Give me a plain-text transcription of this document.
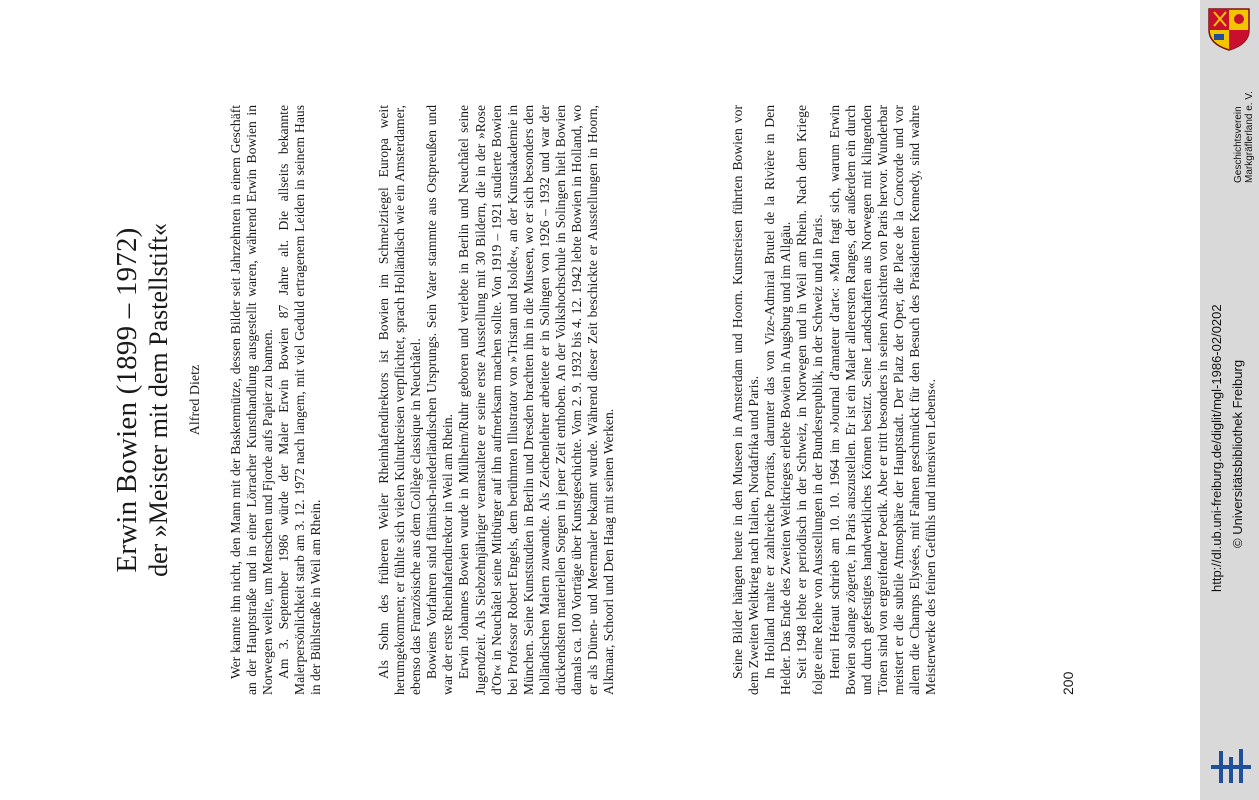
Erwin Bowien (1899 – 1972) der »Meister mit dem Pastellstift« Alfred Dietz Wer kannte ihn nicht, den Mann mit der Baskenmütze, dessen Bilder seit Jahrzehnten in einem Geschäft an der Hauptstraße und in einer Lörracher Kunsthandlung ausgestellt waren, während Erwin Bowien in Norwegen weilte, um Menschen und Fjorde aufs Papier zu bannen. Am 3. September 1986 würde der Maler Erwin Bowien 87 Jahre alt. Die allseits bekannte Malerpersönlichkeit starb am 3. 12. 1972 nach langem, mit viel Geduld ertragenem Leiden in seinem Haus in der Bühlstraße in Weil am Rhein.	Als Sohn des früheren Weiler Rheinhafendirektors ist Bowien im Schmelztiegel Europa weit herumgekommen; er fühlte sich vielen Kulturkreisen verpflichtet, sprach Holländisch wie ein Amsterdamer, ebenso das Französische aus dem Collège classique in Neuchâtel. Bowiens Vorfahren sind flämisch-niederländischen Ursprungs. Sein Vater stammte aus Ostpreußen und war der erste Rheinhafendirektor in Weil am Rhein. Erwin Johannes Bowien wurde in Mülheim/Ruhr geboren und verlebte in Berlin und Neuchâtel seine Jugendzeit. Als Siebzehnjähriger veranstaltete er seine erste Ausstellung mit 30 Bildern, die in der »Rose d'Or« in Neuchâtel seine Mitbürger auf ihn aufmerksam machen sollte. Von 1919 – 1921 studierte Bowien bei Professor Robert Engels, dem berühmten Illustrator von »Tristan und Isolde«, an der Kunstakademie in München. Seine Kunststudien in Berlin und Dresden brachten ihn in die Museen, wo er sich besonders den holländischen Malern zuwandte. Als Zeichenlehrer arbeitete er in Solingen von 1926 – 1932 und war der drückendsten materiellen Sorgen in jener Zeit enthoben. An der Volkshochschule in Solingen hielt Bowien damals ca. 100 Vorträge über Kunstgeschichte. Vom 2. 9. 1932 bis 4. 12. 1942 lebte Bowien in Holland, wo er als Dünen- und Meermaler bekannt wurde. Während dieser Zeit beschickte er Ausstellungen in Hoorn, Alkmaar, Schoorl und Den Haag mit seinen Werken.	Seine Bilder hängen heute in den Museen in Amsterdam und Hoorn. Kunstreisen führten Bowien vor dem Zweiten Weltkrieg nach Italien, Nordafrika und Paris. In Holland malte er zahlreiche Porträts, darunter das von Vize-Admiral Brutel de la Rivière in Den Helder. Das Ende des Zweiten Weltkrieges erlebte Bowien in Augsburg und im Allgäu. Seit 1948 lebte er periodisch in der Schweiz, in Norwegen und in Weil am Rhein. Nach dem Kriege folgte eine Reihe von Ausstellungen in der Bundesrepublik, in der Schweiz und in Paris. Henri Héraut schrieb am 10. 10. 1964 im »Journal d'amateur d'art«: »Man fragt sich, warum Erwin Bowien solange zögerte, in Paris auszustellen. Er ist ein Maler allerersten Ranges, der außerdem ein durch und durch gefestigtes handwerkliches Können besitzt. Seine Landschaften aus Norwegen mit klingenden Tönen sind von ergreifender Poetik. Aber er tritt besonders in seinen Ansichten von Paris hervor. Wunderbar meistert er die subtile Atmosphäre der Hauptstadt. Der Platz der Oper, die Place de la Concorde und vor allem die Champs Elysées, mit Fahnen geschmückt für den Besuch des Präsidenten Kennedy, sind wahre Meisterwerke des feinen Gefühls und intensiven Lebens«.	200
Geschichtsverein Markgräflerland e. V.
http://dl.ub.uni-freiburg.de/diglit/mgl-1986-02/0202 © Universitätsbibliothek Freiburg
